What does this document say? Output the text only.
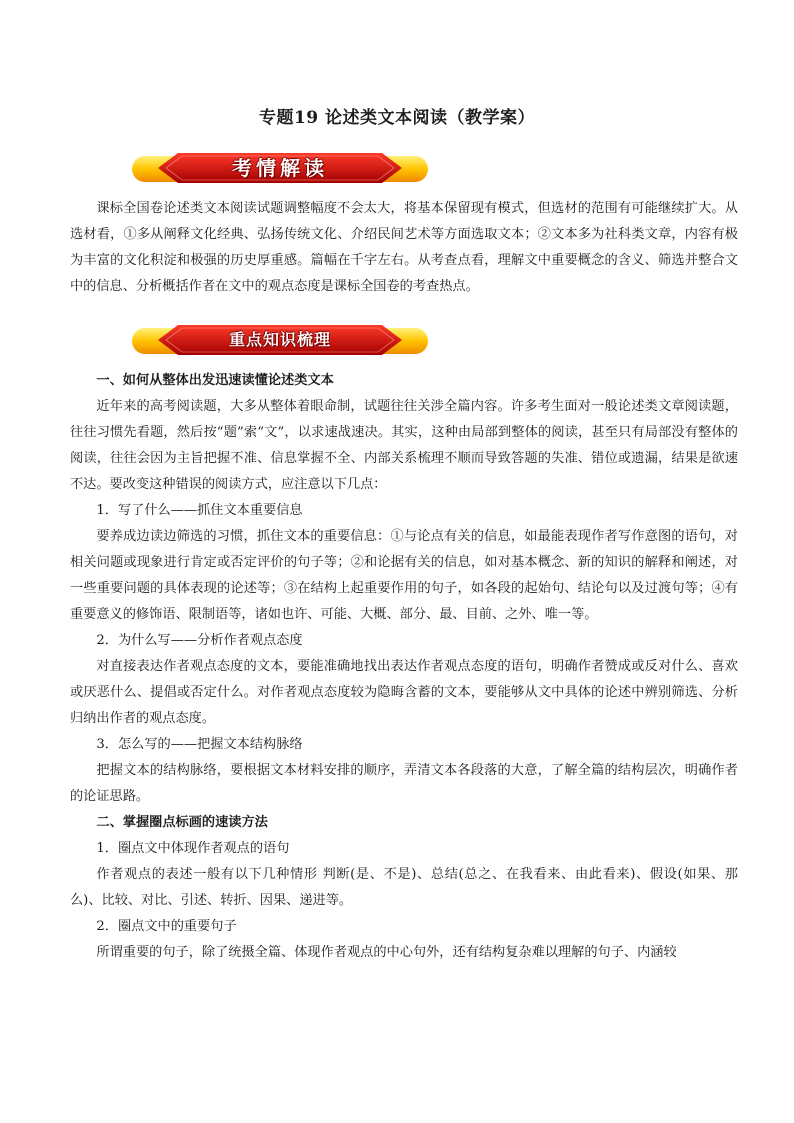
专题19 论述类文本阅读（教学案）
考情解读

课标全国卷论述类文本阅读试题调整幅度不会太大，将基本保留现有模式，但选材的范围有可能继续扩大。从选材看，①多从阐释文化经典、弘扬传统文化、介绍民间艺术等方面选取文本；②文本多为社科类文章，内容有极为丰富的文化积淀和极强的历史厚重感。篇幅在千字左右。从考查点看，理解文中重要概念的含义、筛选并整合文中的信息、分析概括作者在文中的观点态度是课标全国卷的考查热点。

重点知识梳理

一、如何从整体出发迅速读懂论述类文本

近年来的高考阅读题，大多从整体着眼命制，试题往往关涉全篇内容。许多考生面对一般论述类文章阅读题，往往习惯先看题，然后按“题”索“文”，以求速战速决。其实，这种由局部到整体的阅读，甚至只有局部没有整体的阅读，往往会因为主旨把握不准、信息掌握不全、内部关系梳理不顺而导致答题的失准、错位或遗漏，结果是欲速不达。要改变这种错误的阅读方式，应注意以下几点：

1．写了什么——抓住文本重要信息

要养成边读边筛选的习惯，抓住文本的重要信息：①与论点有关的信息，如最能表现作者写作意图的语句，对相关问题或现象进行肯定或否定评价的句子等；②和论据有关的信息，如对基本概念、新的知识的解释和阐述，对一些重要问题的具体表现的论述等；③在结构上起重要作用的句子，如各段的起始句、结论句以及过渡句等；④有重要意义的修饰语、限制语等，诸如也许、可能、大概、部分、最、目前、之外、唯一等。

2．为什么写——分析作者观点态度

对直接表达作者观点态度的文本，要能准确地找出表达作者观点态度的语句，明确作者赞成或反对什么、喜欢或厌恶什么、提倡或否定什么。对作者观点态度较为隐晦含蓄的文本，要能够从文中具体的论述中辨别筛选、分析归纳出作者的观点态度。

3．怎么写的——把握文本结构脉络

把握文本的结构脉络，要根据文本材料安排的顺序，弄清文本各段落的大意，了解全篇的结构层次，明确作者的论证思路。

二、掌握圈点标画的速读方法

1．圈点文中体现作者观点的语句

作者观点的表述一般有以下几种情形 判断(是、不是)、总结(总之、在我看来、由此看来)、假设(如果、那么)、比较、对比、引述、转折、因果、递进等。

2．圈点文中的重要句子

所谓重要的句子，除了统摄全篇、体现作者观点的中心句外，还有结构复杂难以理解的句子、内涵较
